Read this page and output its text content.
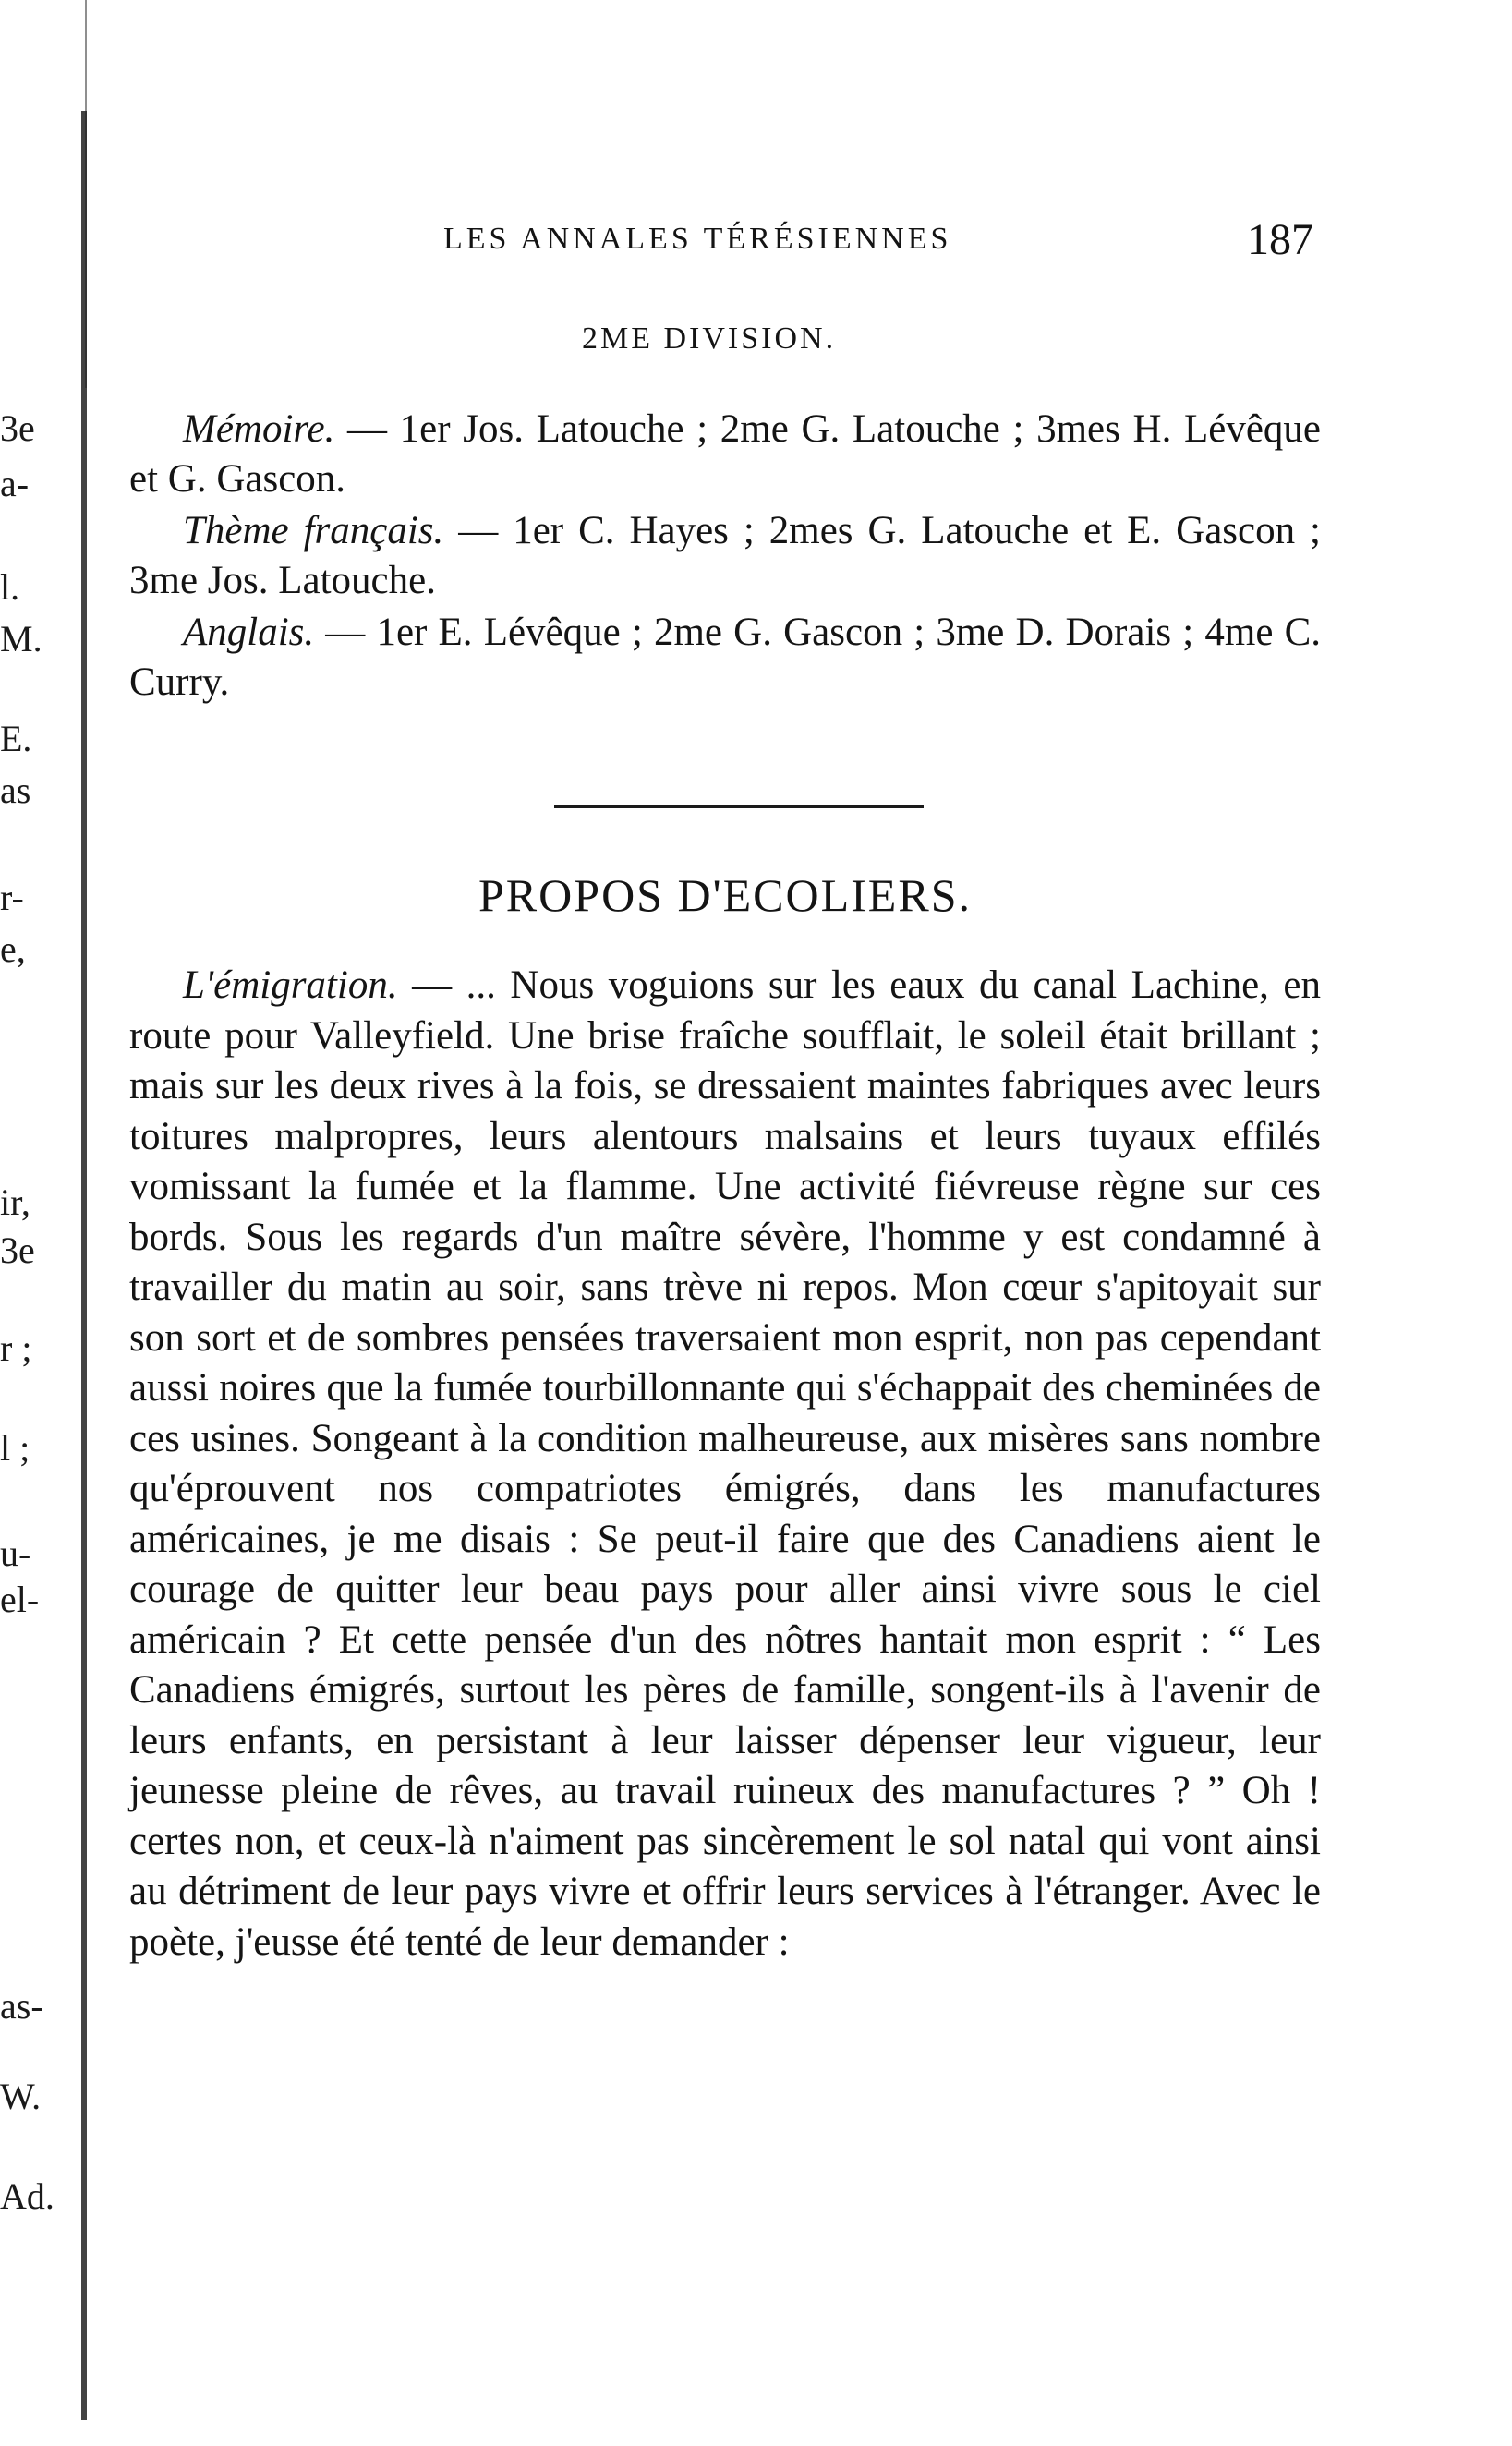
3e
a-
l.
M.
E.
as
r-
e,
ir,
3e
r ;
l ;
u-
el-
as-
W.
Ad.
LES ANNALES TÉRÉSIENNES	187
2ME DIVISION.

Mémoire. — 1er Jos. Latouche ; 2me G. Latouche ; 3mes H. Lévêque et G. Gascon.

Thème français. — 1er C. Hayes ; 2mes G. Latouche et E. Gascon ; 3me Jos. Latouche.

Anglais. — 1er E. Lévêque ; 2me G. Gascon ; 3me D. Dorais ; 4me C. Curry.

PROPOS D'ECOLIERS.

L'émigration. — ... Nous voguions sur les eaux du canal Lachine, en route pour Valleyfield. Une brise fraîche soufflait, le soleil était brillant ; mais sur les deux rives à la fois, se dressaient maintes fabriques avec leurs toitures malpropres, leurs alentours malsains et leurs tuyaux effilés vomissant la fumée et la flamme. Une activité fiévreuse règne sur ces bords. Sous les regards d'un maître sévère, l'homme y est condamné à travailler du matin au soir, sans trève ni repos. Mon cœur s'apitoyait sur son sort et de sombres pensées traversaient mon esprit, non pas cependant aussi noires que la fumée tourbillonnante qui s'échappait des cheminées de ces usines. Songeant à la condition malheureuse, aux misères sans nombre qu'éprouvent nos compatriotes émigrés, dans les manufactures américaines, je me disais : Se peut-il faire que des Canadiens aient le courage de quitter leur beau pays pour aller ainsi vivre sous le ciel américain ? Et cette pensée d'un des nôtres hantait mon esprit : “ Les Canadiens émigrés, surtout les pères de famille, songent-ils à l'avenir de leurs enfants, en persistant à leur laisser dépenser leur vigueur, leur jeunesse pleine de rêves, au travail ruineux des manufactures ? ” Oh ! certes non, et ceux-là n'aiment pas sincèrement le sol natal qui vont ainsi au détriment de leur pays vivre et offrir leurs services à l'étranger. Avec le poète, j'eusse été tenté de leur demander :
